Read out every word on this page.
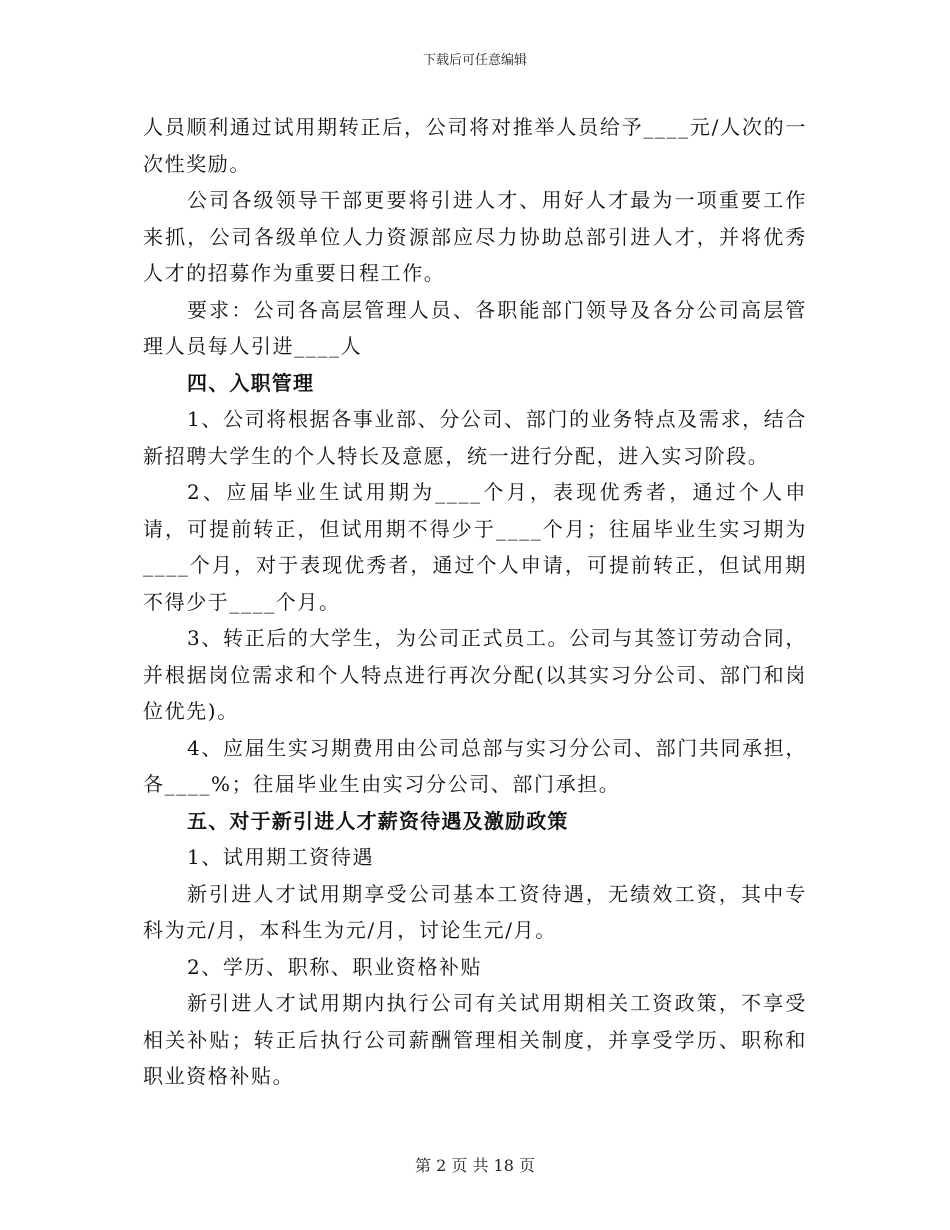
下载后可任意编辑

人员顺利通过试用期转正后，公司将对推举人员给予____元/人次的一次性奖励。

公司各级领导干部更要将引进人才、用好人才最为一项重要工作来抓，公司各级单位人力资源部应尽力协助总部引进人才，并将优秀人才的招募作为重要日程工作。

要求：公司各高层管理人员、各职能部门领导及各分公司高层管理人员每人引进____人

四、入职管理

1、公司将根据各事业部、分公司、部门的业务特点及需求，结合新招聘大学生的个人特长及意愿，统一进行分配，进入实习阶段。

2、应届毕业生试用期为____个月，表现优秀者，通过个人申请，可提前转正，但试用期不得少于____个月；往届毕业生实习期为____个月，对于表现优秀者，通过个人申请，可提前转正，但试用期不得少于____个月。

3、转正后的大学生，为公司正式员工。公司与其签订劳动合同，并根据岗位需求和个人特点进行再次分配(以其实习分公司、部门和岗位优先)。

4、应届生实习期费用由公司总部与实习分公司、部门共同承担，各____%；往届毕业生由实习分公司、部门承担。

五、对于新引进人才薪资待遇及激励政策

1、试用期工资待遇

新引进人才试用期享受公司基本工资待遇，无绩效工资，其中专科为元/月，本科生为元/月，讨论生元/月。

2、学历、职称、职业资格补贴

新引进人才试用期内执行公司有关试用期相关工资政策，不享受相关补贴；转正后执行公司薪酬管理相关制度，并享受学历、职称和职业资格补贴。

第 2 页 共 18 页
